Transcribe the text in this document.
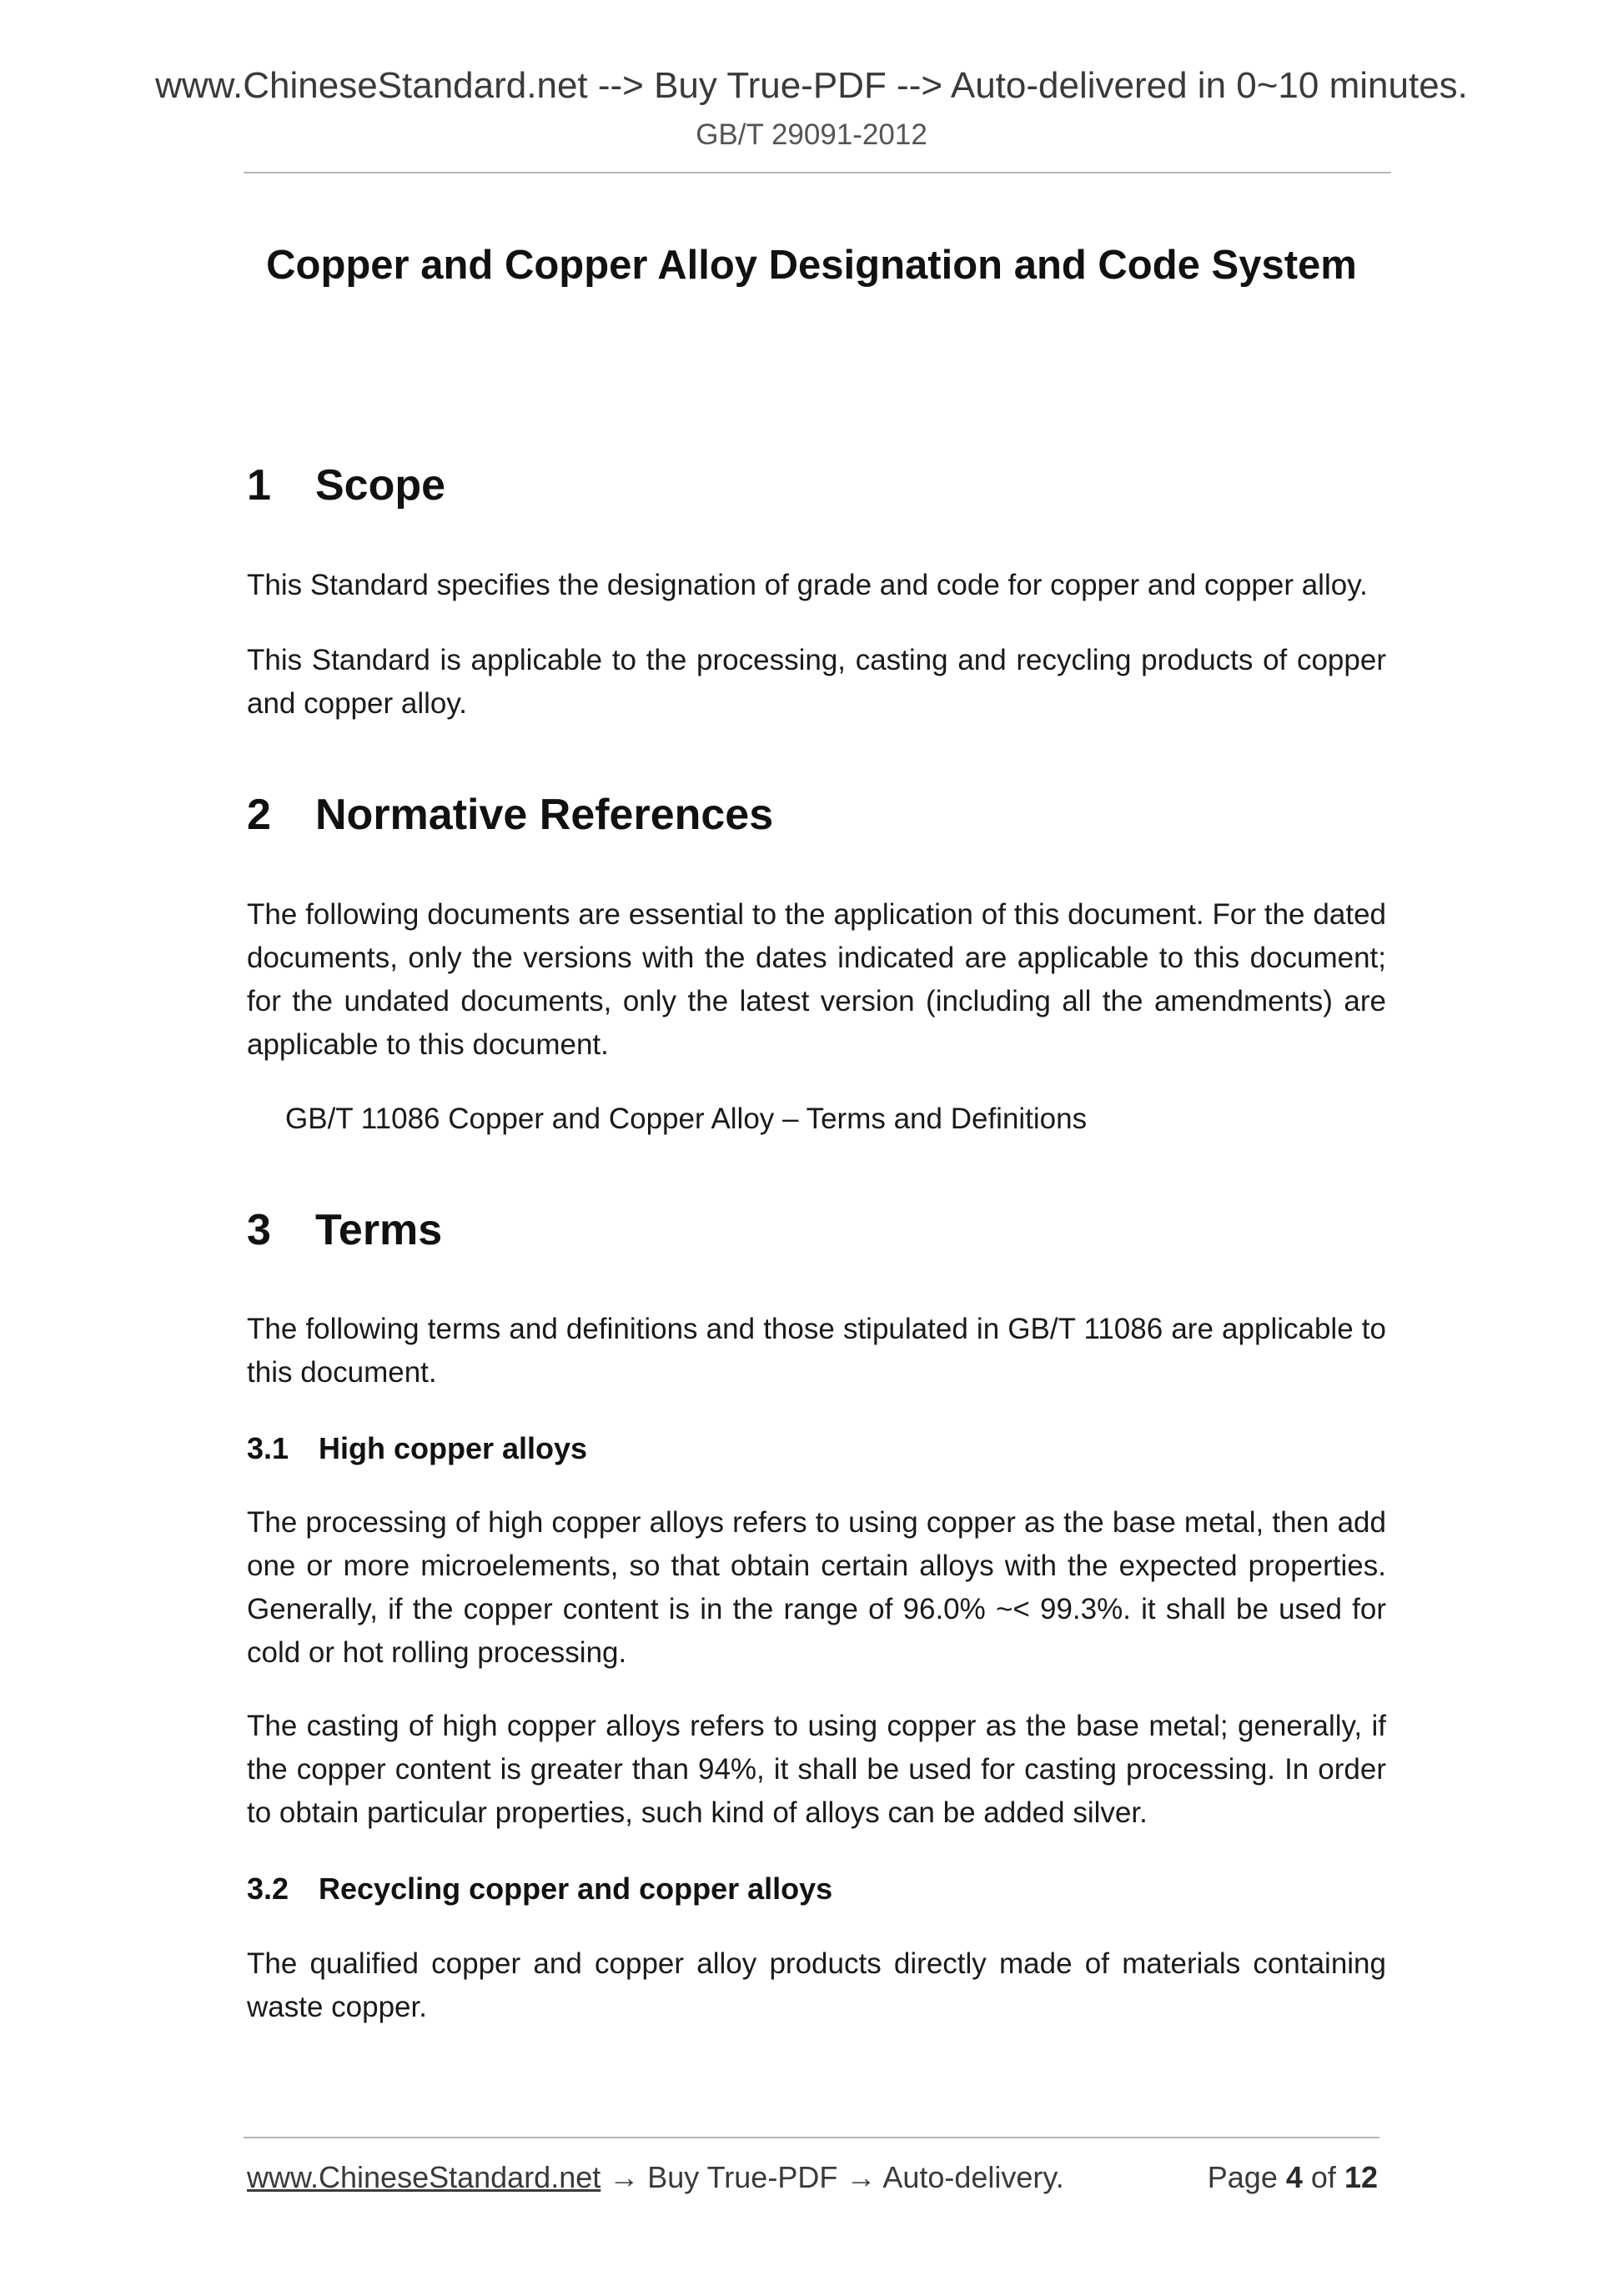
www.ChineseStandard.net --> Buy True-PDF --> Auto-delivered in 0~10 minutes.
GB/T 29091-2012
Copper and Copper Alloy Designation and Code System
1 Scope
This Standard specifies the designation of grade and code for copper and copper alloy.
This Standard is applicable to the processing, casting and recycling products of copper and copper alloy.
2 Normative References
The following documents are essential to the application of this document. For the dated documents, only the versions with the dates indicated are applicable to this document; for the undated documents, only the latest version (including all the amendments) are applicable to this document.
GB/T 11086 Copper and Copper Alloy – Terms and Definitions
3 Terms
The following terms and definitions and those stipulated in GB/T 11086 are applicable to this document.
3.1 High copper alloys
The processing of high copper alloys refers to using copper as the base metal, then add one or more microelements, so that obtain certain alloys with the expected properties. Generally, if the copper content is in the range of 96.0% ~< 99.3%. it shall be used for cold or hot rolling processing.
The casting of high copper alloys refers to using copper as the base metal; generally, if the copper content is greater than 94%, it shall be used for casting processing. In order to obtain particular properties, such kind of alloys can be added silver.
3.2 Recycling copper and copper alloys
The qualified copper and copper alloy products directly made of materials containing waste copper.
www.ChineseStandard.net → Buy True-PDF → Auto-delivery.	Page 4 of 12
